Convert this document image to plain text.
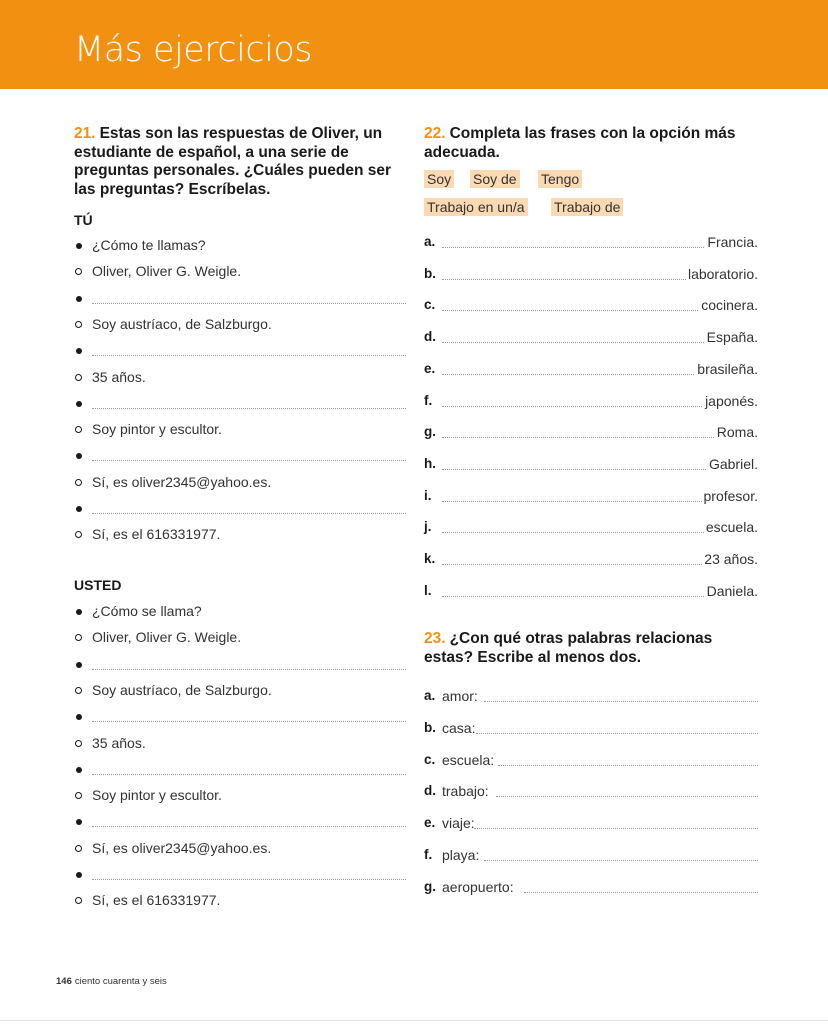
Más ejercicios
21. Estas son las respuestas de Oliver, un estudiante de español, a una serie de preguntas personales. ¿Cuáles pueden ser las preguntas? Escríbelas.
TÚ
¿Cómo te llamas?
Oliver, Oliver G. Weigle.
Soy austríaco, de Salzburgo.
35 años.
Soy pintor y escultor.
Sí, es oliver2345@yahoo.es.
Sí, es el 616331977.
USTED
¿Cómo se llama?
Oliver, Oliver G. Weigle.
Soy austríaco, de Salzburgo.
35 años.
Soy pintor y escultor.
Sí, es oliver2345@yahoo.es.
Sí, es el 616331977.
22. Completa las frases con la opción más adecuada.
Soy Soy de Tengo
Trabajo en un/a Trabajo de
a.	Francia.
b.	laboratorio.
c.	cocinera.
d.	España.
e.	brasileña.
f.	japonés.
g.	Roma.
h.	Gabriel.
i.	profesor.
j.	escuela.
k.	23 años.
l.	Daniela.
23. ¿Con qué otras palabras relacionas estas? Escribe al menos dos.
a. amor:
b. casa:
c. escuela:
d. trabajo:
e. viaje:
f. playa:
g. aeropuerto:
146 ciento cuarenta y seis
